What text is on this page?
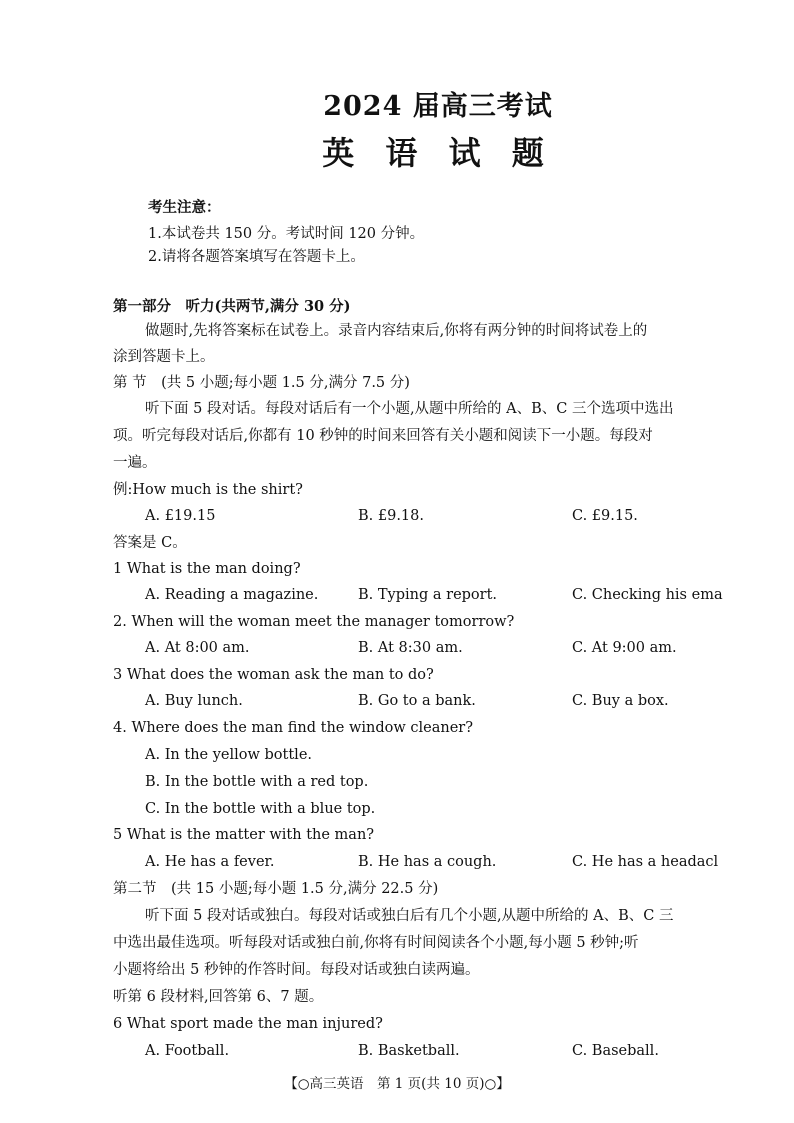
2024 届高三考试
英 语 试 题
考生注意：
1.本试卷共 150 分。考试时间 120 分钟。
2.请将各题答案填写在答题卡上。
第一部分　听力(共两节,满分 30 分)
做题时,先将答案标在试卷上。录音内容结束后,你将有两分钟的时间将试卷上的
涂到答题卡上。
第 节　(共 5 小题;每小题 1.5 分,满分 7.5 分)
听下面 5 段对话。每段对话后有一个小题,从题中所给的 A、B、C 三个选项中选出
项。听完每段对话后,你都有 10 秒钟的时间来回答有关小题和阅读下一小题。每段对
一遍。
例:How much is the shirt?
A. £19.15	B. £9.18.	C. £9.15.
答案是 C。
1 What is the man doing?
A. Reading a magazine.	B. Typing a report.	C. Checking his ema
2. When will the woman meet the manager tomorrow?
A. At 8:00 am.	B. At 8:30 am.	C. At 9:00 am.
3 What does the woman ask the man to do?
A. Buy lunch.	B. Go to a bank.	C. Buy a box.
4. Where does the man find the window cleaner?
A. In the yellow bottle.
B. In the bottle with a red top.
C. In the bottle with a blue top.
5 What is the matter with the man?
A. He has a fever.	B. He has a cough.	C. He has a headacl
第二节　(共 15 小题;每小题 1.5 分,满分 22.5 分)
听下面 5 段对话或独白。每段对话或独白后有几个小题,从题中所给的 A、B、C 三
中选出最佳选项。听每段对话或独白前,你将有时间阅读各个小题,每小题 5 秒钟;听
小题将给出 5 秒钟的作答时间。每段对话或独白读两遍。
听第 6 段材料,回答第 6、7 题。
6 What sport made the man injured?
A. Football.	B. Basketball.	C. Baseball.
【○高三英语　第 1 页(共 10 页)○】
